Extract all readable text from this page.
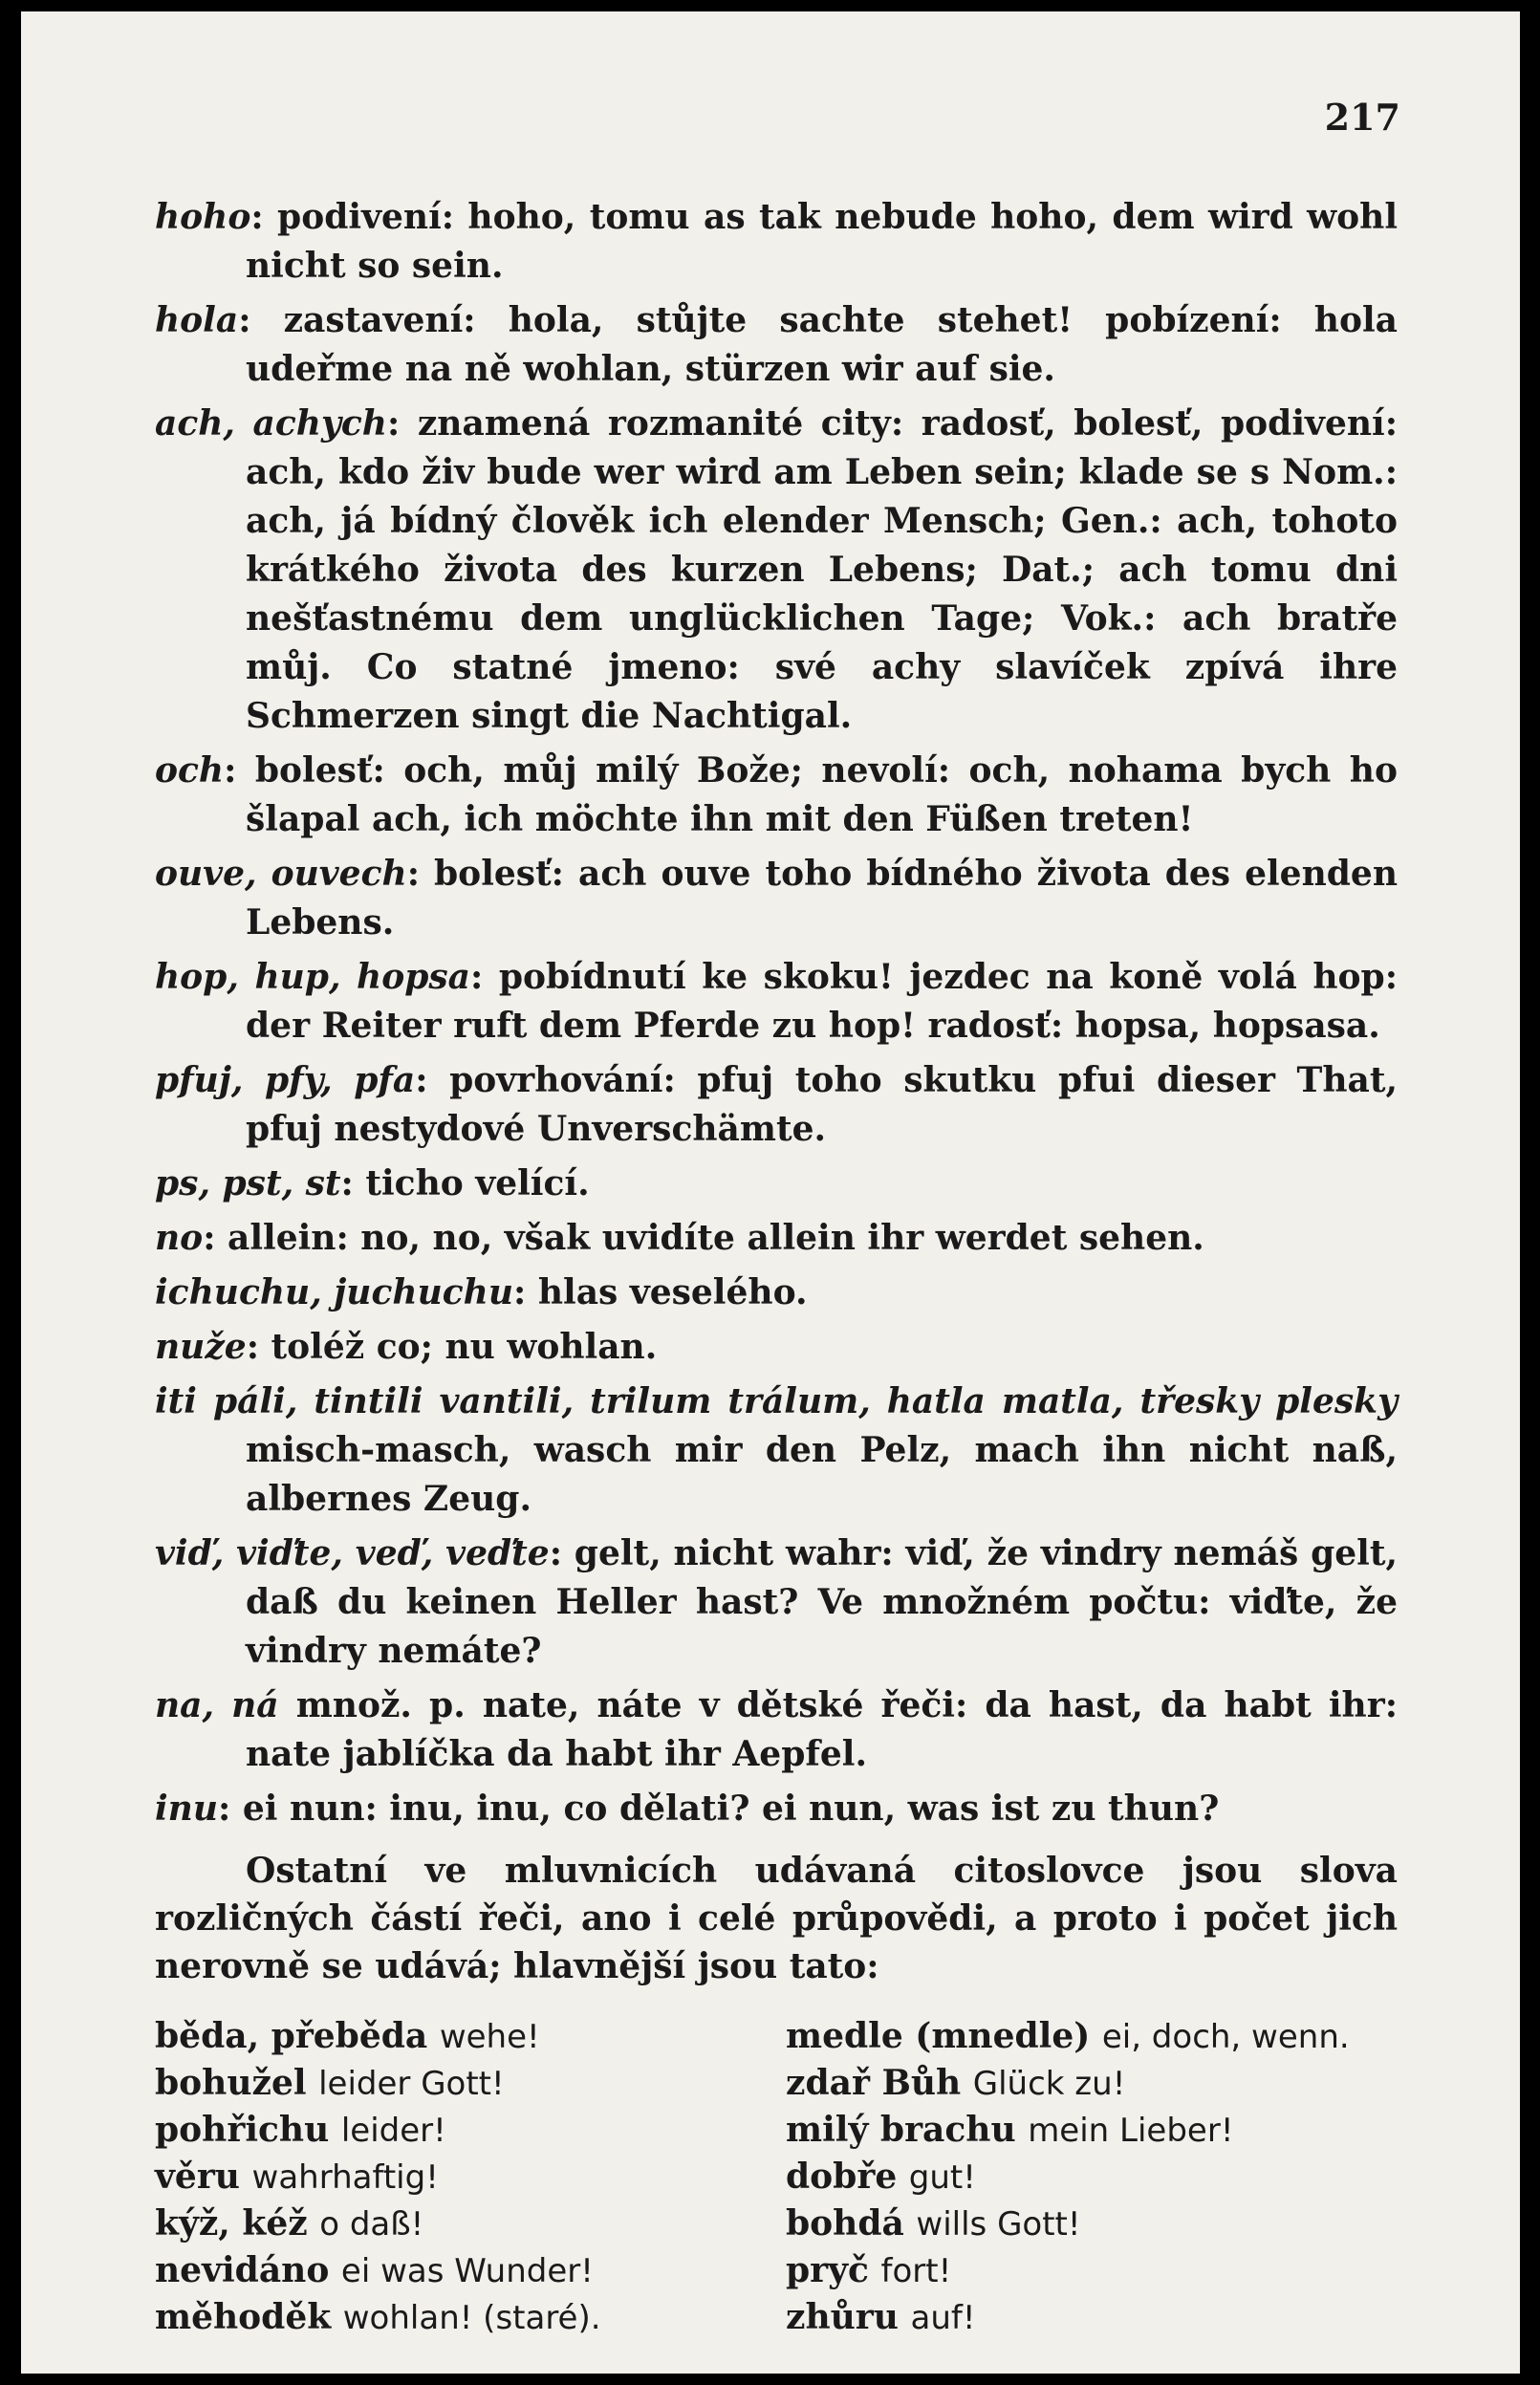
217

hoho: podivení: hoho, tomu as tak nebude hoho, dem wird wohl nicht so sein.

hola: zastavení: hola, stůjte sachte stehet! pobízení: hola udeřme na ně wohlan, stürzen wir auf sie.

ach, achych: znamená rozmanité city: radosť, bolesť, podivení: ach, kdo živ bude wer wird am Leben sein; klade se s Nom.: ach, já bídný člověk ich elender Mensch; Gen.: ach, tohoto krátkého života des kurzen Lebens; Dat.; ach tomu dni nešťastnému dem unglücklichen Tage; Vok.: ach bratře můj. Co statné jmeno: své achy slavíček zpívá ihre Schmerzen singt die Nachtigal.

och: bolesť: och, můj milý Bože; nevolí: och, nohama bych ho šlapal ach, ich möchte ihn mit den Füßen treten!

ouve, ouvech: bolesť: ach ouve toho bídného života des elenden Lebens.

hop, hup, hopsa: pobídnutí ke skoku! jezdec na koně volá hop: der Reiter ruft dem Pferde zu hop! radosť: hopsa, hopsasa.

pfuj, pfy, pfa: povrhování: pfuj toho skutku pfui dieser That, pfuj nestydové Unverschämte.

ps, pst, st: ticho velící.

no: allein: no, no, však uvidíte allein ihr werdet sehen.

ichuchu, juchuchu: hlas veselého.

nuže: toléž co; nu wohlan.

iti páli, tintili vantili, trilum trálum, hatla matla, třesky plesky misch-masch, wasch mir den Pelz, mach ihn nicht naß, albernes Zeug.

viď, viďte, veď, veďte: gelt, nicht wahr: viď, že vindry nemáš gelt, daß du keinen Heller hast? Ve množném počtu: viďte, že vindry nemáte?

na, ná množ. p. nate, náte v dětské řeči: da hast, da habt ihr: nate jablíčka da habt ihr Aepfel.

inu: ei nun: inu, inu, co dělati? ei nun, was ist zu thun?

Ostatní ve mluvnicích udávaná citoslovce jsou slova rozličných částí řeči, ano i celé průpovědi, a proto i počet jich nerovně se udává; hlavnější jsou tato:

běda, přeběda wehe!

bohužel leider Gott!

pohřichu leider!

věru wahrhaftig!

kýž, kéž o daß!

nevidáno ei was Wunder!

měhoděk wohlan! (staré).

medle (mnedle) ei, doch, wenn.

zdař Bůh Glück zu!

milý brachu mein Lieber!

dobře gut!

bohdá wills Gott!

pryč fort!

zhůru auf!
